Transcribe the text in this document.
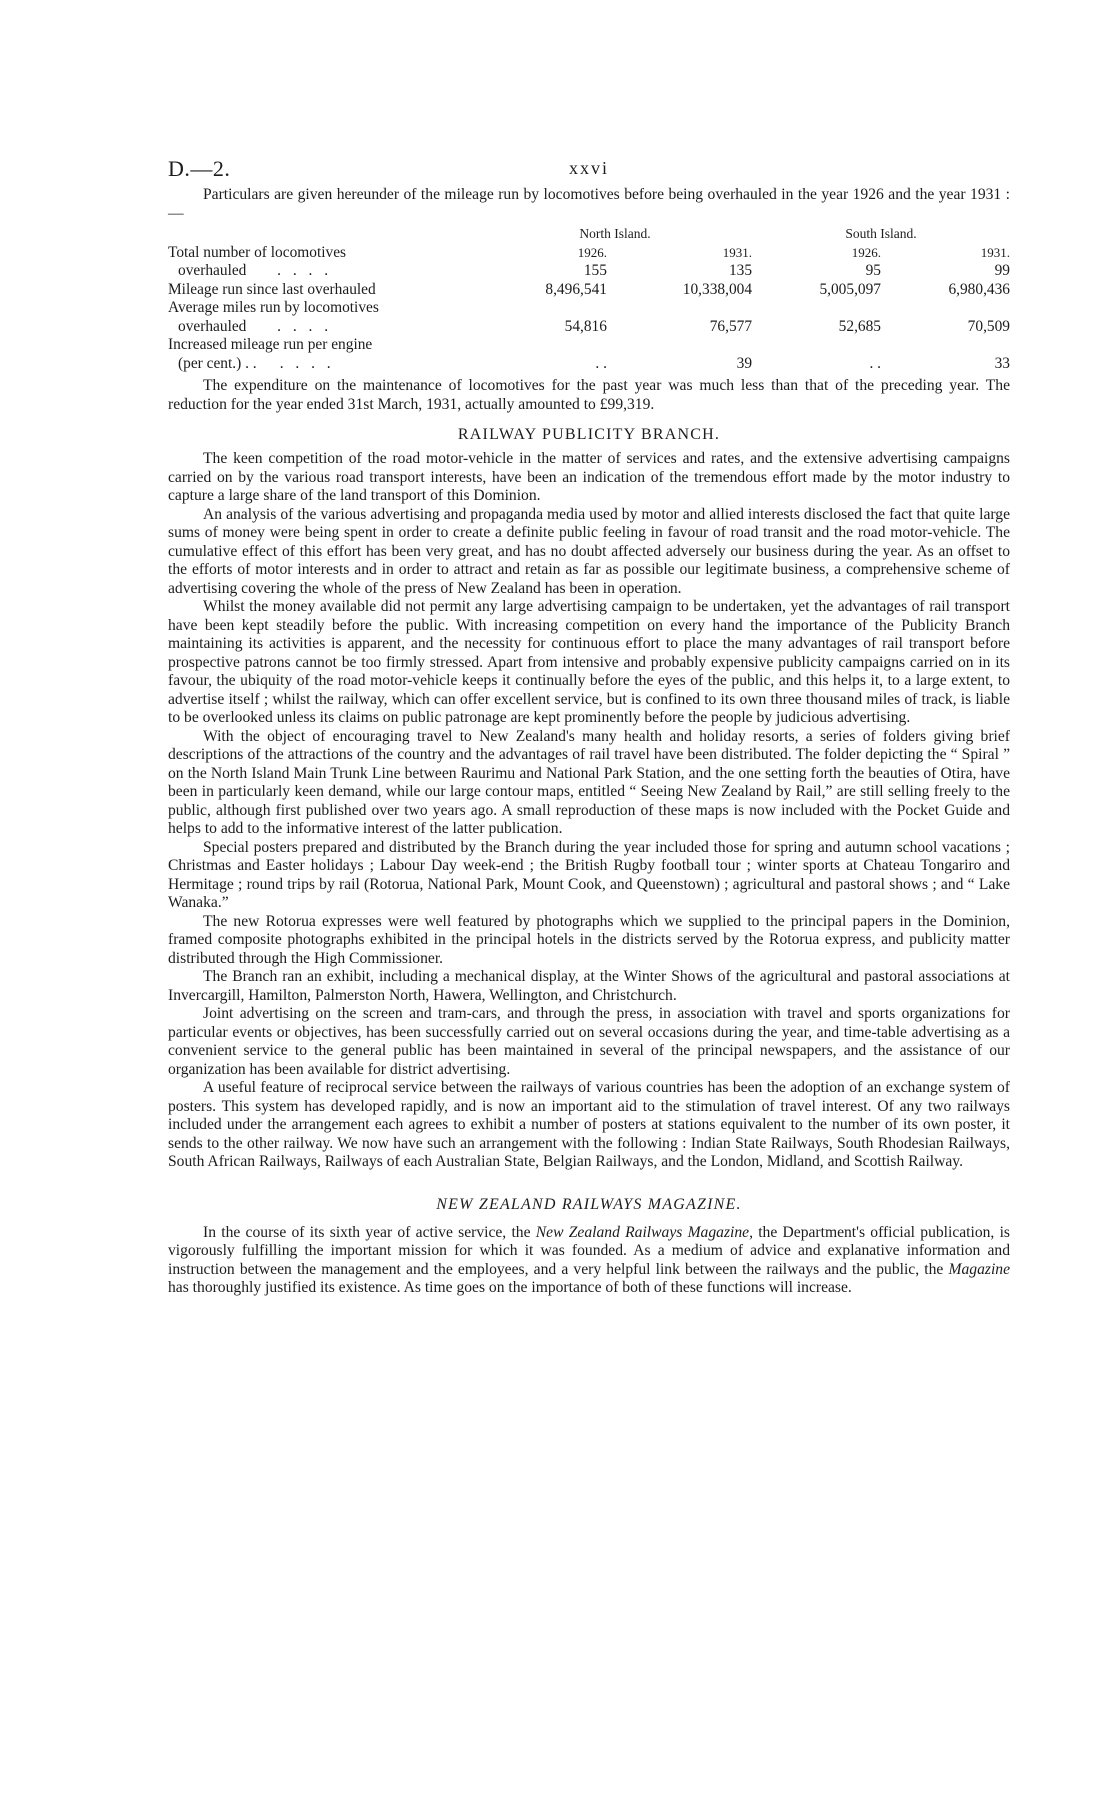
D.—2.	xxvi

Particulars are given hereunder of the mileage run by locomotives before being overhauled in the year 1926 and the year 1931 :—

	North Island.		South Island.	
Total number of locomotives	1926.	1931.	1926.	1931.
overhauled . . . .	155	135	95	99
Mileage run since last overhauled	8,496,541	10,338,004	5,005,097	6,980,436
Average miles run by locomotives				
overhauled . . . .	54,816	76,577	52,685	70,509
Increased mileage run per engine				
(per cent.) . . . . . .	. .	39	. .	33

The expenditure on the maintenance of locomotives for the past year was much less than that of the preceding year. The reduction for the year ended 31st March, 1931, actually amounted to £99,319.

RAILWAY PUBLICITY BRANCH.

The keen competition of the road motor-vehicle in the matter of services and rates, and the extensive advertising campaigns carried on by the various road transport interests, have been an indication of the tremendous effort made by the motor industry to capture a large share of the land transport of this Dominion.

An analysis of the various advertising and propaganda media used by motor and allied interests disclosed the fact that quite large sums of money were being spent in order to create a definite public feeling in favour of road transit and the road motor-vehicle. The cumulative effect of this effort has been very great, and has no doubt affected adversely our business during the year. As an offset to the efforts of motor interests and in order to attract and retain as far as possible our legitimate business, a comprehensive scheme of advertising covering the whole of the press of New Zealand has been in operation.

Whilst the money available did not permit any large advertising campaign to be undertaken, yet the advantages of rail transport have been kept steadily before the public. With increasing competition on every hand the importance of the Publicity Branch maintaining its activities is apparent, and the necessity for continuous effort to place the many advantages of rail transport before prospective patrons cannot be too firmly stressed. Apart from intensive and probably expensive publicity campaigns carried on in its favour, the ubiquity of the road motor-vehicle keeps it continually before the eyes of the public, and this helps it, to a large extent, to advertise itself ; whilst the railway, which can offer excellent service, but is confined to its own three thousand miles of track, is liable to be overlooked unless its claims on public patronage are kept prominently before the people by judicious advertising.

With the object of encouraging travel to New Zealand's many health and holiday resorts, a series of folders giving brief descriptions of the attractions of the country and the advantages of rail travel have been distributed. The folder depicting the “ Spiral ” on the North Island Main Trunk Line between Raurimu and National Park Station, and the one setting forth the beauties of Otira, have been in particularly keen demand, while our large contour maps, entitled “ Seeing New Zealand by Rail,” are still selling freely to the public, although first published over two years ago. A small reproduction of these maps is now included with the Pocket Guide and helps to add to the informative interest of the latter publication.

Special posters prepared and distributed by the Branch during the year included those for spring and autumn school vacations ; Christmas and Easter holidays ; Labour Day week-end ; the British Rugby football tour ; winter sports at Chateau Tongariro and Hermitage ; round trips by rail (Rotorua, National Park, Mount Cook, and Queenstown) ; agricultural and pastoral shows ; and “ Lake Wanaka.”

The new Rotorua expresses were well featured by photographs which we supplied to the principal papers in the Dominion, framed composite photographs exhibited in the principal hotels in the districts served by the Rotorua express, and publicity matter distributed through the High Commissioner.

The Branch ran an exhibit, including a mechanical display, at the Winter Shows of the agricultural and pastoral associations at Invercargill, Hamilton, Palmerston North, Hawera, Wellington, and Christchurch.

Joint advertising on the screen and tram-cars, and through the press, in association with travel and sports organizations for particular events or objectives, has been successfully carried out on several occasions during the year, and time-table advertising as a convenient service to the general public has been maintained in several of the principal newspapers, and the assistance of our organization has been available for district advertising.

A useful feature of reciprocal service between the railways of various countries has been the adoption of an exchange system of posters. This system has developed rapidly, and is now an important aid to the stimulation of travel interest. Of any two railways included under the arrangement each agrees to exhibit a number of posters at stations equivalent to the number of its own poster, it sends to the other railway. We now have such an arrangement with the following : Indian State Railways, South Rhodesian Railways, South African Railways, Railways of each Australian State, Belgian Railways, and the London, Midland, and Scottish Railway.

NEW ZEALAND RAILWAYS MAGAZINE.

In the course of its sixth year of active service, the New Zealand Railways Magazine, the Department's official publication, is vigorously fulfilling the important mission for which it was founded. As a medium of advice and explanative information and instruction between the management and the employees, and a very helpful link between the railways and the public, the Magazine has thoroughly justified its existence. As time goes on the importance of both of these functions will increase.
